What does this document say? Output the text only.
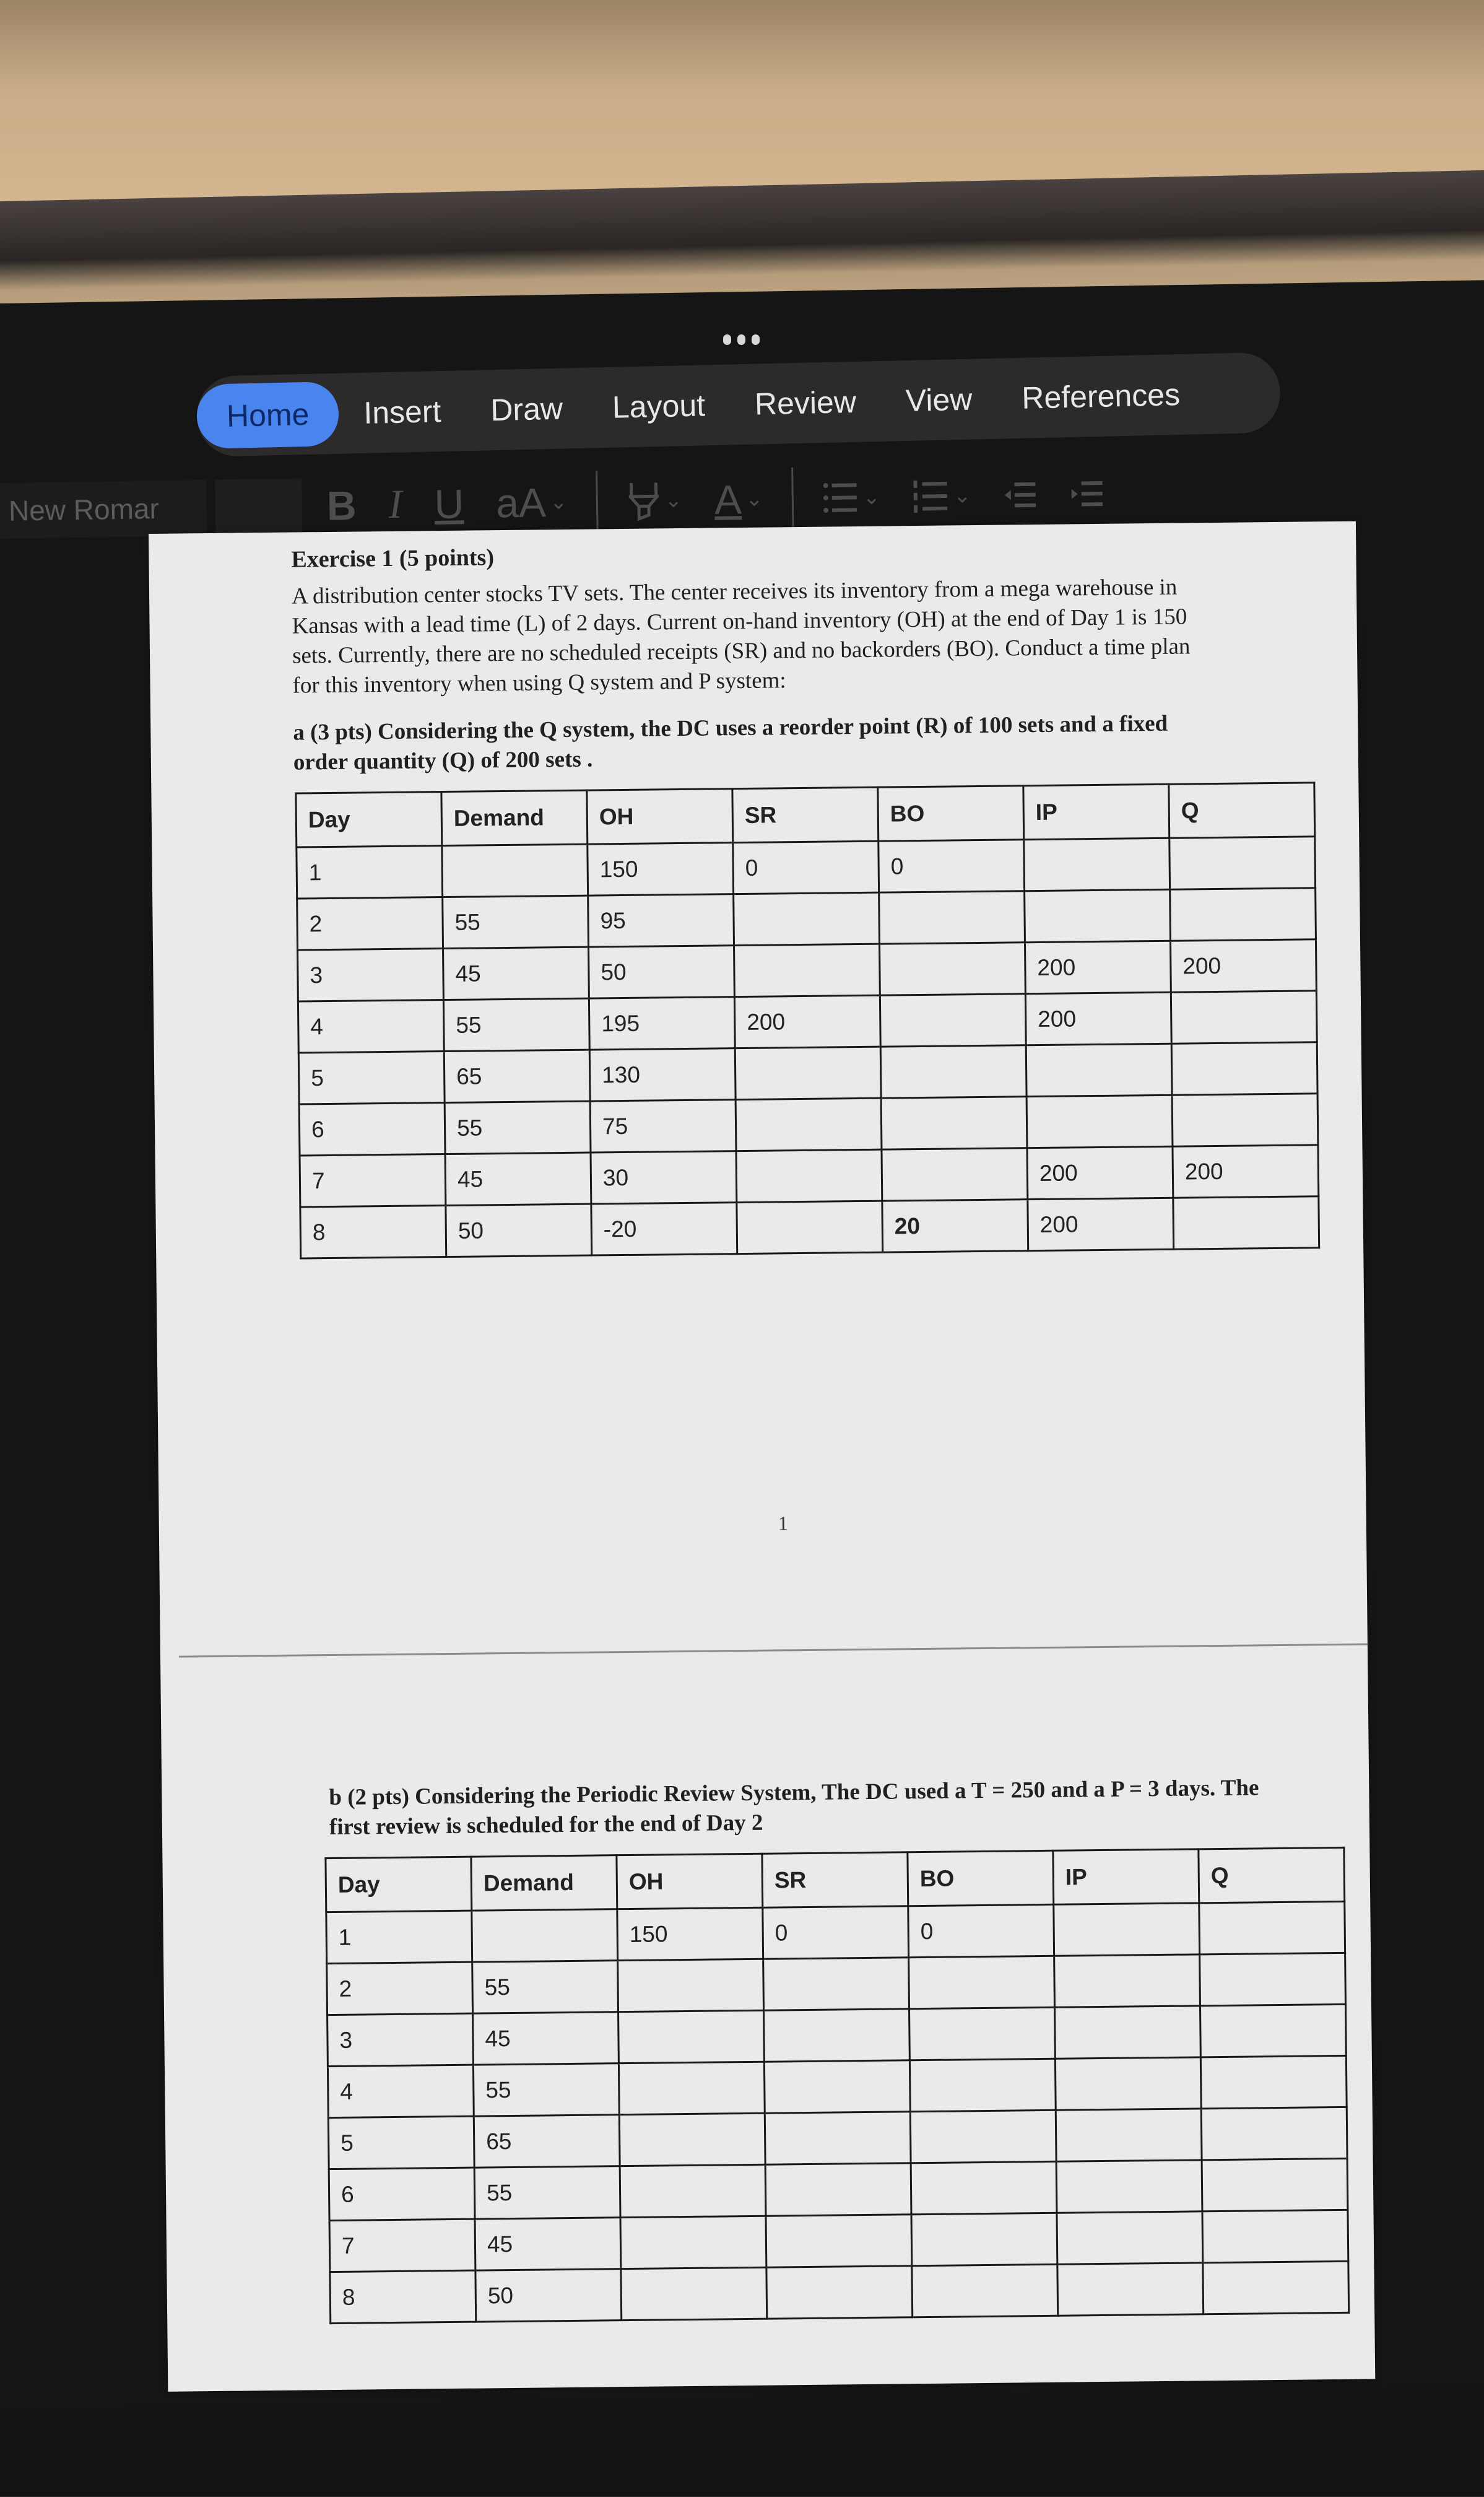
Home	Insert	Draw	Layout	Review	View	References
New Romar	B I U aA ⌄	⌄ A ⌄	⌄	⌄
Exercise 1 (5 points)
A distribution center stocks TV sets. The center receives its inventory from a mega warehouse in Kansas with a lead time (L) of 2 days. Current on-hand inventory (OH) at the end of Day 1 is 150 sets. Currently, there are no scheduled receipts (SR) and no backorders (BO). Conduct a time plan for this inventory when using Q system and P system:
a (3 pts) Considering the Q system, the DC uses a reorder point (R) of 100 sets and a fixed order quantity (Q) of 200 sets .
Day	Demand	OH	SR	BO	IP	Q
1		150	0	0		
2	55	95				
3	45	50			200	200
4	55	195	200		200	
5	65	130				
6	55	75				
7	45	30			200	200
8	50	-20		20	200	
1
b (2 pts) Considering the Periodic Review System, The DC used a T = 250 and a P = 3 days. The first review is scheduled for the end of Day 2
Day	Demand	OH	SR	BO	IP	Q
1		150	0	0		
2	55					
3	45					
4	55					
5	65					
6	55					
7	45					
8	50					
